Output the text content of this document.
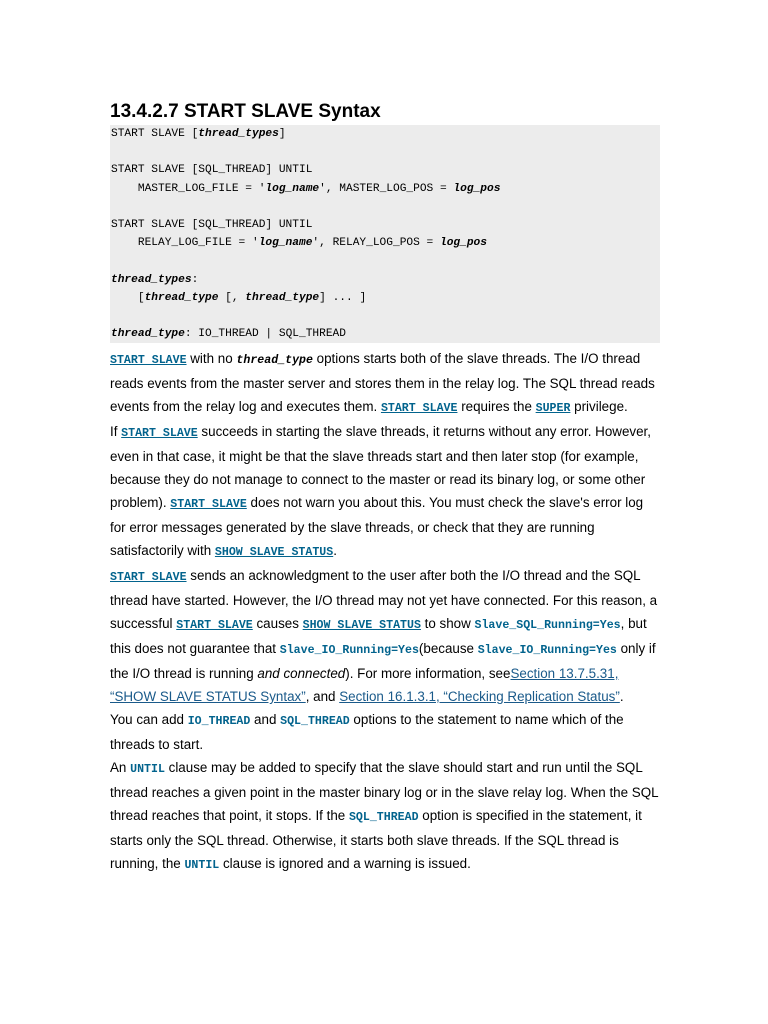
13.4.2.7 START SLAVE Syntax
START SLAVE [thread_types]

START SLAVE [SQL_THREAD] UNTIL
MASTER_LOG_FILE = 'log_name', MASTER_LOG_POS = log_pos

START SLAVE [SQL_THREAD] UNTIL
RELAY_LOG_FILE = 'log_name', RELAY_LOG_POS = log_pos

thread_types:
[thread_type [, thread_type] ... ]

thread_type: IO_THREAD | SQL_THREAD

START SLAVE with no thread_type options starts both of the slave threads. The I/O thread reads events from the master server and stores them in the relay log. The SQL thread reads events from the relay log and executes them. START SLAVE requires the SUPER privilege.

If START SLAVE succeeds in starting the slave threads, it returns without any error. However, even in that case, it might be that the slave threads start and then later stop (for example, because they do not manage to connect to the master or read its binary log, or some other problem). START SLAVE does not warn you about this. You must check the slave's error log for error messages generated by the slave threads, or check that they are running satisfactorily with SHOW SLAVE STATUS.

START SLAVE sends an acknowledgment to the user after both the I/O thread and the SQL thread have started. However, the I/O thread may not yet have connected. For this reason, a successful START SLAVE causes SHOW SLAVE STATUS to show Slave_SQL_Running=Yes, but this does not guarantee that Slave_IO_Running=Yes(because Slave_IO_Running=Yes only if the I/O thread is running and connected). For more information, seeSection 13.7.5.31, “SHOW SLAVE STATUS Syntax”, and Section 16.1.3.1, “Checking Replication Status”.

You can add IO_THREAD and SQL_THREAD options to the statement to name which of the threads to start.

An UNTIL clause may be added to specify that the slave should start and run until the SQL thread reaches a given point in the master binary log or in the slave relay log. When the SQL thread reaches that point, it stops. If the SQL_THREAD option is specified in the statement, it starts only the SQL thread. Otherwise, it starts both slave threads. If the SQL thread is running, the UNTIL clause is ignored and a warning is issued.
